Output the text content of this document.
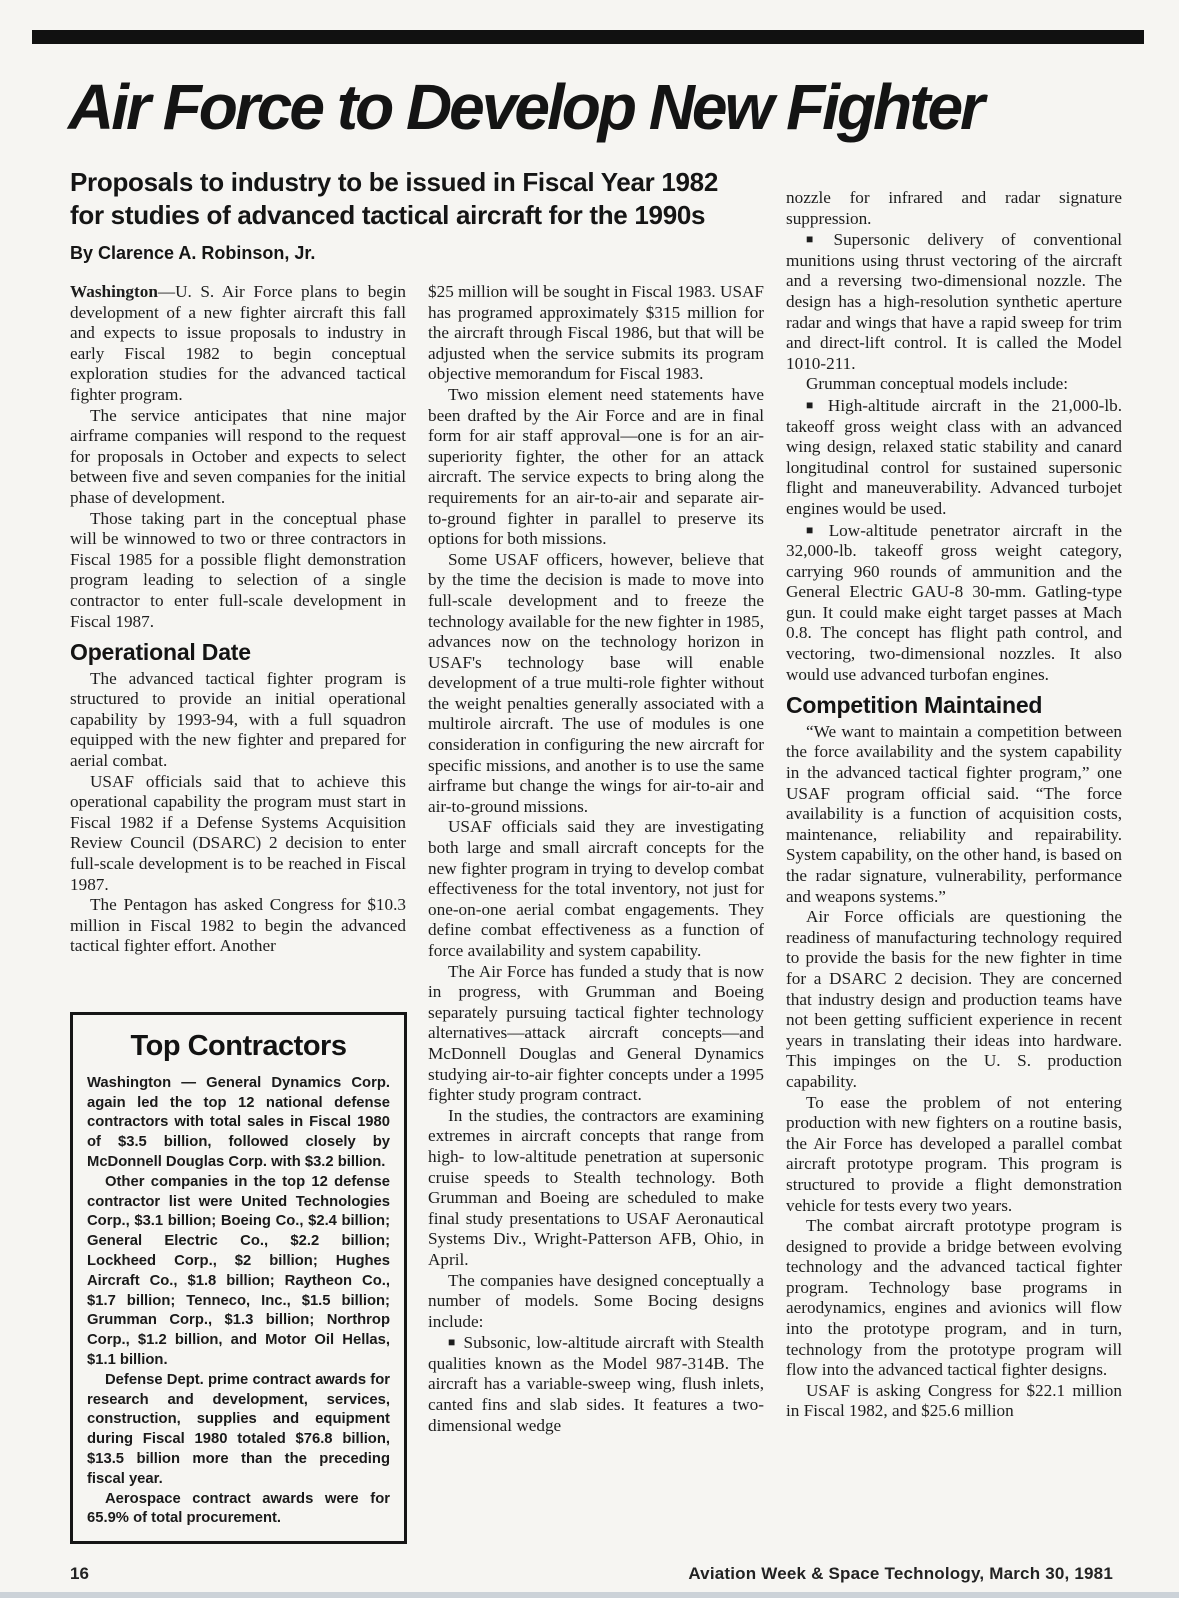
Air Force to Develop New Fighter
Proposals to industry to be issued in Fiscal Year 1982
for studies of advanced tactical aircraft for the 1990s
By Clarence A. Robinson, Jr.

Washington—U. S. Air Force plans to begin development of a new fighter aircraft this fall and expects to issue proposals to industry in early Fiscal 1982 to begin conceptual exploration studies for the advanced tactical fighter program.

The service anticipates that nine major airframe companies will respond to the request for proposals in October and expects to select between five and seven companies for the initial phase of development.

Those taking part in the conceptual phase will be winnowed to two or three contractors in Fiscal 1985 for a possible flight demonstration program leading to selection of a single contractor to enter full-scale development in Fiscal 1987.

Operational Date

The advanced tactical fighter program is structured to provide an initial operational capability by 1993-94, with a full squadron equipped with the new fighter and prepared for aerial combat.

USAF officials said that to achieve this operational capability the program must start in Fiscal 1982 if a Defense Systems Acquisition Review Council (DSARC) 2 decision to enter full-scale development is to be reached in Fiscal 1987.

The Pentagon has asked Congress for $10.3 million in Fiscal 1982 to begin the advanced tactical fighter effort. Another

Top Contractors

Washington — General Dynamics Corp. again led the top 12 national defense contractors with total sales in Fiscal 1980 of $3.5 billion, followed closely by McDonnell Douglas Corp. with $3.2 billion.

Other companies in the top 12 defense contractor list were United Technologies Corp., $3.1 billion; Boeing Co., $2.4 billion; General Electric Co., $2.2 billion; Lockheed Corp., $2 billion; Hughes Aircraft Co., $1.8 billion; Raytheon Co., $1.7 billion; Tenneco, Inc., $1.5 billion; Grumman Corp., $1.3 billion; Northrop Corp., $1.2 billion, and Motor Oil Hellas, $1.1 billion.

Defense Dept. prime contract awards for research and development, services, construction, supplies and equipment during Fiscal 1980 totaled $76.8 billion, $13.5 billion more than the preceding fiscal year.

Aerospace contract awards were for 65.9% of total procurement.

$25 million will be sought in Fiscal 1983. USAF has programed approximately $315 million for the aircraft through Fiscal 1986, but that will be adjusted when the service submits its program objective memorandum for Fiscal 1983.

Two mission element need statements have been drafted by the Air Force and are in final form for air staff approval—one is for an air-superiority fighter, the other for an attack aircraft. The service expects to bring along the requirements for an air-to-air and separate air-to-ground fighter in parallel to preserve its options for both missions.

Some USAF officers, however, believe that by the time the decision is made to move into full-scale development and to freeze the technology available for the new fighter in 1985, advances now on the technology horizon in USAF's technology base will enable development of a true multi-role fighter without the weight penalties generally associated with a multirole aircraft. The use of modules is one consideration in configuring the new aircraft for specific missions, and another is to use the same airframe but change the wings for air-to-air and air-to-ground missions.

USAF officials said they are investigating both large and small aircraft concepts for the new fighter program in trying to develop combat effectiveness for the total inventory, not just for one-on-one aerial combat engagements. They define combat effectiveness as a function of force availability and system capability.

The Air Force has funded a study that is now in progress, with Grumman and Boeing separately pursuing tactical fighter technology alternatives—attack aircraft concepts—and McDonnell Douglas and General Dynamics studying air-to-air fighter concepts under a 1995 fighter study program contract.

In the studies, the contractors are examining extremes in aircraft concepts that range from high- to low-altitude penetration at supersonic cruise speeds to Stealth technology. Both Grumman and Boeing are scheduled to make final study presentations to USAF Aeronautical Systems Div., Wright-Patterson AFB, Ohio, in April.

The companies have designed conceptually a number of models. Some Bocing designs include:

■ Subsonic, low-altitude aircraft with Stealth qualities known as the Model 987-314B. The aircraft has a variable-sweep wing, flush inlets, canted fins and slab sides. It features a two-dimensional wedge

nozzle for infrared and radar signature suppression.

■ Supersonic delivery of conventional munitions using thrust vectoring of the aircraft and a reversing two-dimensional nozzle. The design has a high-resolution synthetic aperture radar and wings that have a rapid sweep for trim and direct-lift control. It is called the Model 1010-211.

Grumman conceptual models include:

■ High-altitude aircraft in the 21,000-lb. takeoff gross weight class with an advanced wing design, relaxed static stability and canard longitudinal control for sustained supersonic flight and maneuverability. Advanced turbojet engines would be used.

■ Low-altitude penetrator aircraft in the 32,000-lb. takeoff gross weight category, carrying 960 rounds of ammunition and the General Electric GAU-8 30-mm. Gatling-type gun. It could make eight target passes at Mach 0.8. The concept has flight path control, and vectoring, two-dimensional nozzles. It also would use advanced turbofan engines.

Competition Maintained

“We want to maintain a competition between the force availability and the system capability in the advanced tactical fighter program,” one USAF program official said. “The force availability is a function of acquisition costs, maintenance, reliability and repairability. System capability, on the other hand, is based on the radar signature, vulnerability, performance and weapons systems.”

Air Force officials are questioning the readiness of manufacturing technology required to provide the basis for the new fighter in time for a DSARC 2 decision. They are concerned that industry design and production teams have not been getting sufficient experience in recent years in translating their ideas into hardware. This impinges on the U. S. production capability.

To ease the problem of not entering production with new fighters on a routine basis, the Air Force has developed a parallel combat aircraft prototype program. This program is structured to provide a flight demonstration vehicle for tests every two years.

The combat aircraft prototype program is designed to provide a bridge between evolving technology and the advanced tactical fighter program. Technology base programs in aerodynamics, engines and avionics will flow into the prototype program, and in turn, technology from the prototype program will flow into the advanced tactical fighter designs.

USAF is asking Congress for $22.1 million in Fiscal 1982, and $25.6 million

16	Aviation Week & Space Technology, March 30, 1981
